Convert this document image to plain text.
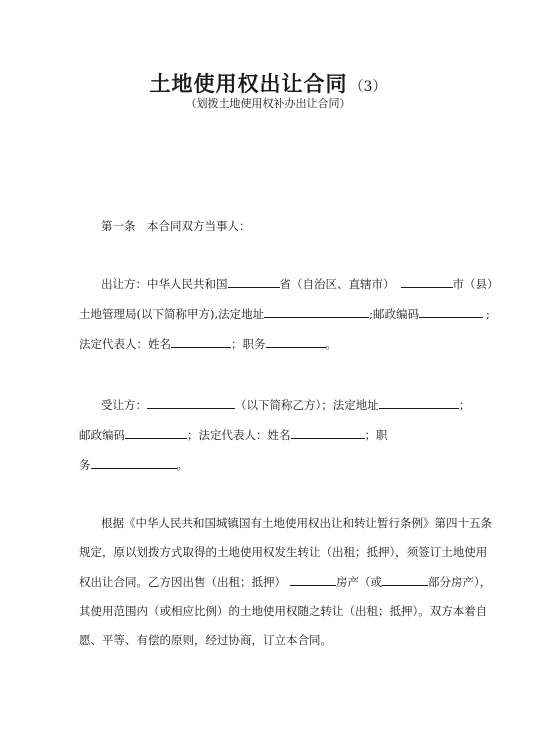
土地使用权出让合同 （3）
（划拨土地使用权补办出让合同）
第一条　本合同双方当事人：
出让方：中华人民共和国	省（自治区、直辖市）	市（县）
土地管理局(以下简称甲方),法定地址	;邮政编码	;
法定代表人：姓名	；职务	。
受让方：	（以下简称乙方）；法定地址	；
邮政编码	；法定代表人：姓名	；职
务	。
根据《中华人民共和国城镇国有土地使用权出让和转让暂行条例》第四十五条
规定，原以划拨方式取得的土地使用权发生转让（出租；抵押），须签订土地使用
权出让合同。乙方因出售（出租；抵押）	房产（或	部分房产），
其使用范围内（或相应比例）的土地使用权随之转让（出租；抵押）。双方本着自
愿、平等、有偿的原则，经过协商，订立本合同。
